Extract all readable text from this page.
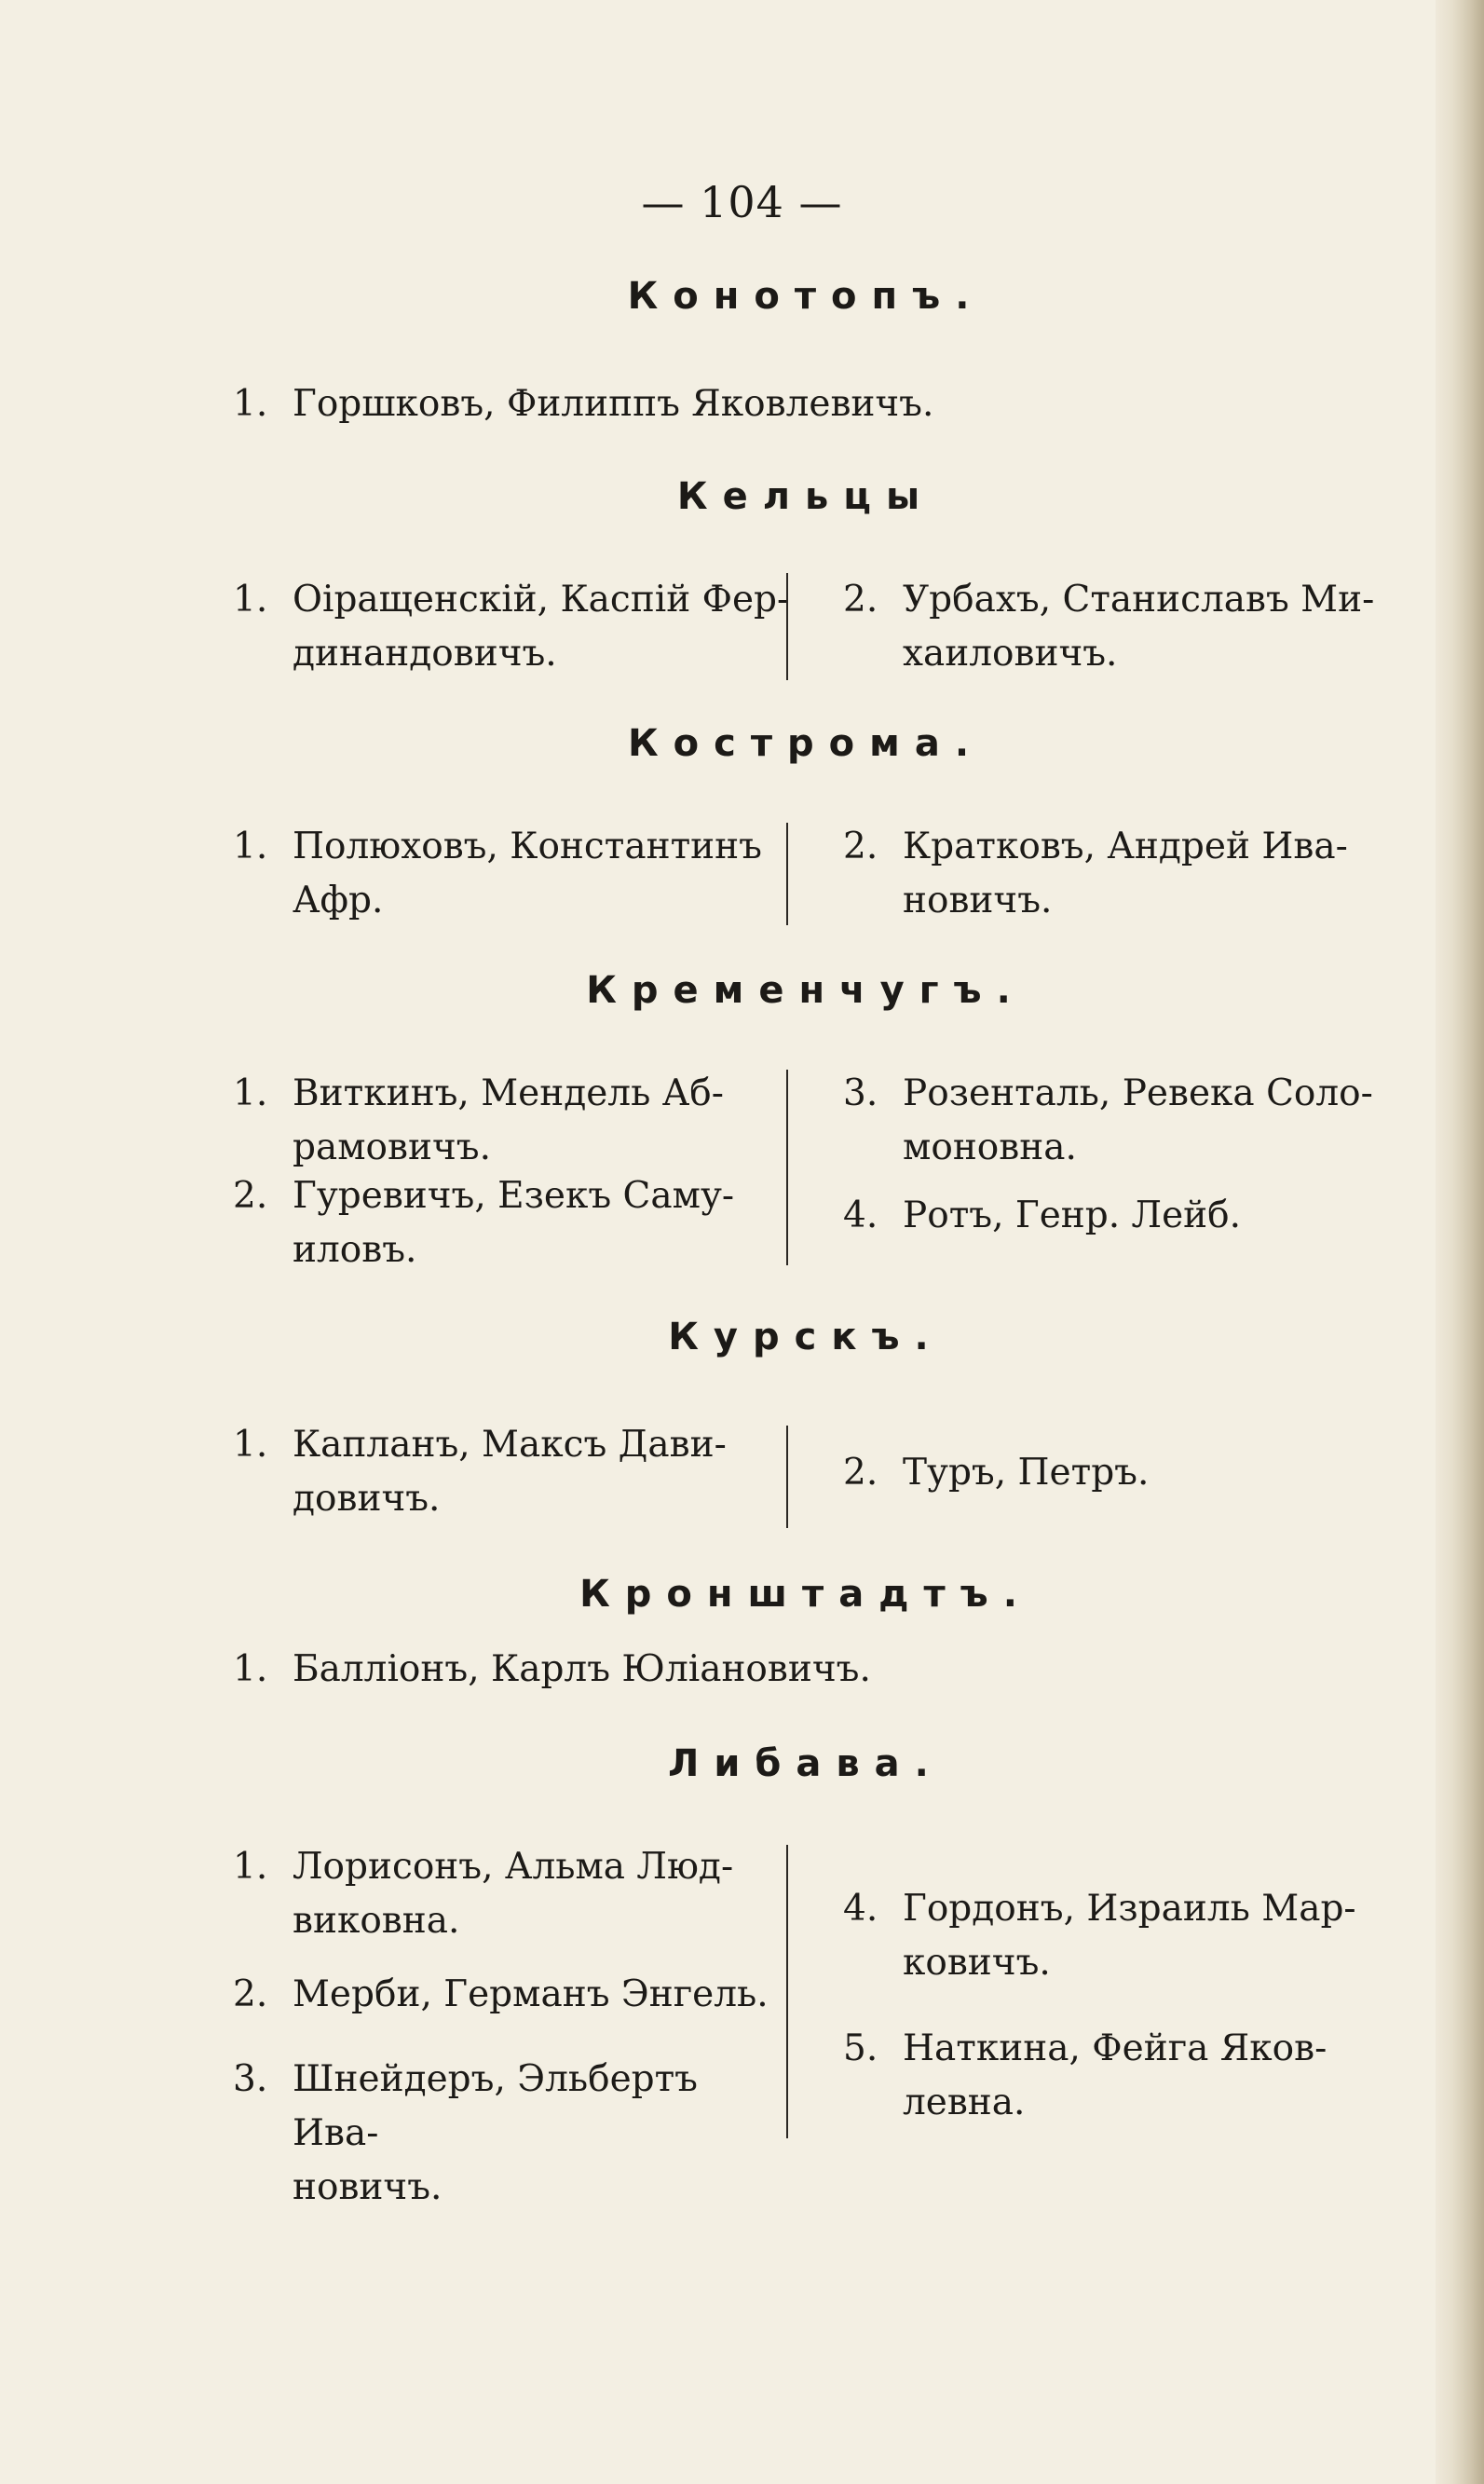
— 104 —
Конотопъ.
1. Горшковъ, Филиппъ Яковлевичъ.
Кельцы
1. Оіращенскій, Каспій Фер-
динандовичъ.
2. Урбахъ, Станиславъ Ми-
хаиловичъ.
Кострома.
1. Полюховъ, Константинъ
Афр.
2. Кратковъ, Андрей Ива-
новичъ.
Кременчугъ.
1. Виткинъ, Мендель Аб-
рамовичъ.
2. Гуревичъ, Езекъ Саму-
иловъ.
3. Розенталь, Ревека Соло-
моновна.
4. Ротъ, Генр. Лейб.
Курскъ.
1. Капланъ, Максъ Дави-
довичъ.
2. Туръ, Петръ.
Кронштадтъ.
1. Балліонъ, Карлъ Юліановичъ.
Либава.
1. Лорисонъ, Альма Люд-
виковна.
2. Мерби, Германъ Энгель.
3. Шнейдеръ, Эльбертъ Ива-
новичъ.
4. Гордонъ, Израиль Мар-
ковичъ.
5. Наткина, Фейга Яков-
левна.
